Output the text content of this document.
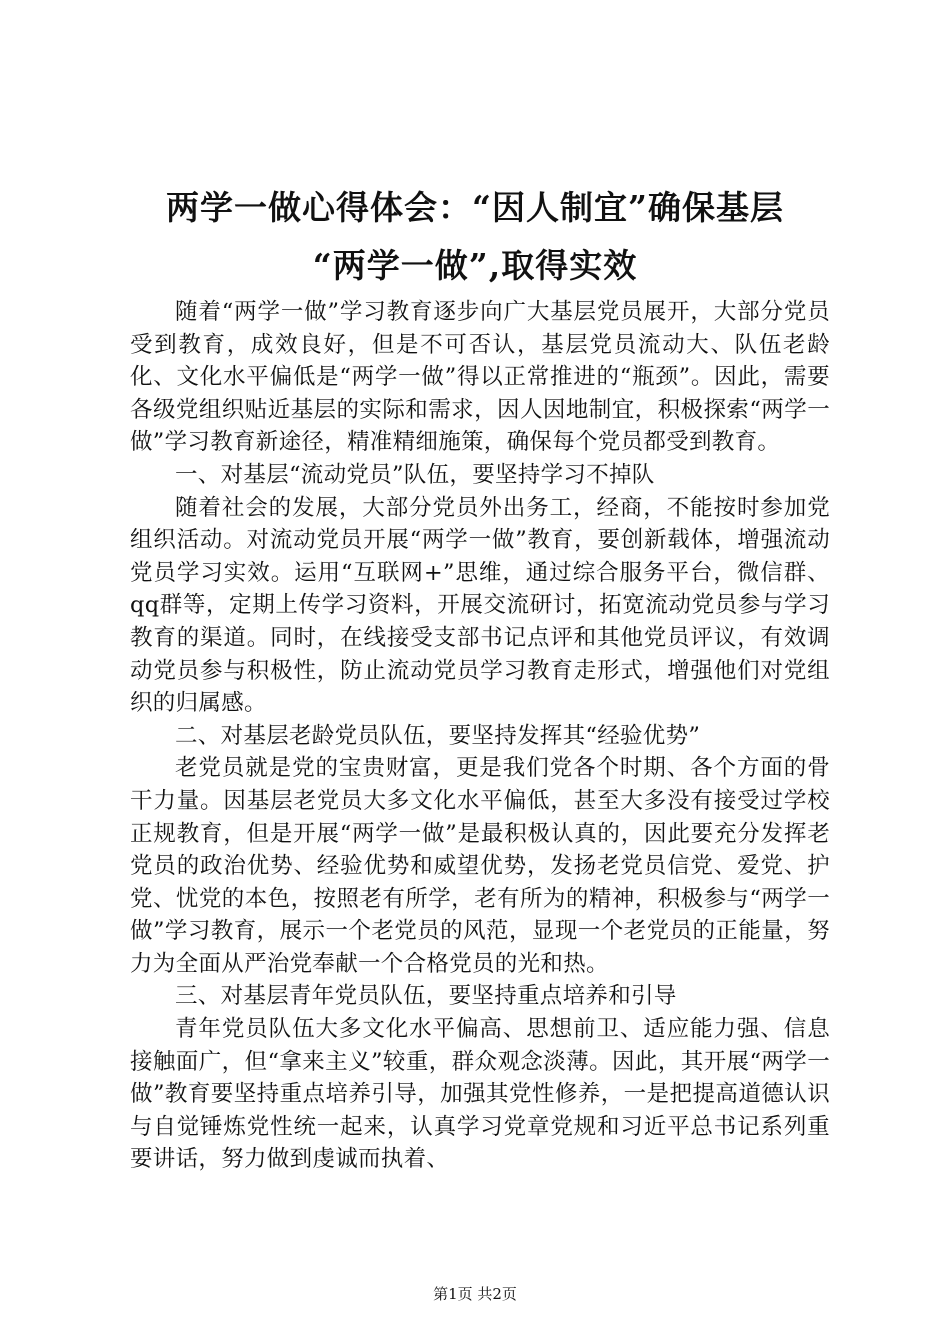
两学一做心得体会：“因人制宜”确保基层
“两学一做”,取得实效

随着“两学一做”学习教育逐步向广大基层党员展开，大部分党员受到教育，成效良好，但是不可否认，基层党员流动大、队伍老龄化、文化水平偏低是“两学一做”得以正常推进的“瓶颈”。因此，需要各级党组织贴近基层的实际和需求，因人因地制宜，积极探索“两学一做”学习教育新途径，精准精细施策，确保每个党员都受到教育。

一、对基层“流动党员”队伍，要坚持学习不掉队

随着社会的发展，大部分党员外出务工，经商，不能按时参加党组织活动。对流动党员开展“两学一做”教育，要创新载体，增强流动党员学习实效。运用“互联网+”思维，通过综合服务平台，微信群、qq群等，定期上传学习资料，开展交流研讨，拓宽流动党员参与学习教育的渠道。同时，在线接受支部书记点评和其他党员评议，有效调动党员参与积极性，防止流动党员学习教育走形式，增强他们对党组织的归属感。

二、对基层老龄党员队伍，要坚持发挥其“经验优势”

老党员就是党的宝贵财富，更是我们党各个时期、各个方面的骨干力量。因基层老党员大多文化水平偏低，甚至大多没有接受过学校正规教育，但是开展“两学一做”是最积极认真的，因此要充分发挥老党员的政治优势、经验优势和威望优势，发扬老党员信党、爱党、护党、忧党的本色，按照老有所学，老有所为的精神，积极参与“两学一做”学习教育，展示一个老党员的风范，显现一个老党员的正能量，努力为全面从严治党奉献一个合格党员的光和热。

三、对基层青年党员队伍，要坚持重点培养和引导

青年党员队伍大多文化水平偏高、思想前卫、适应能力强、信息接触面广，但“拿来主义”较重，群众观念淡薄。因此，其开展“两学一做”教育要坚持重点培养引导，加强其党性修养，一是把提高道德认识与自觉锤炼党性统一起来，认真学习党章党规和习近平总书记系列重要讲话，努力做到虔诚而执着、

第1页 共2页
